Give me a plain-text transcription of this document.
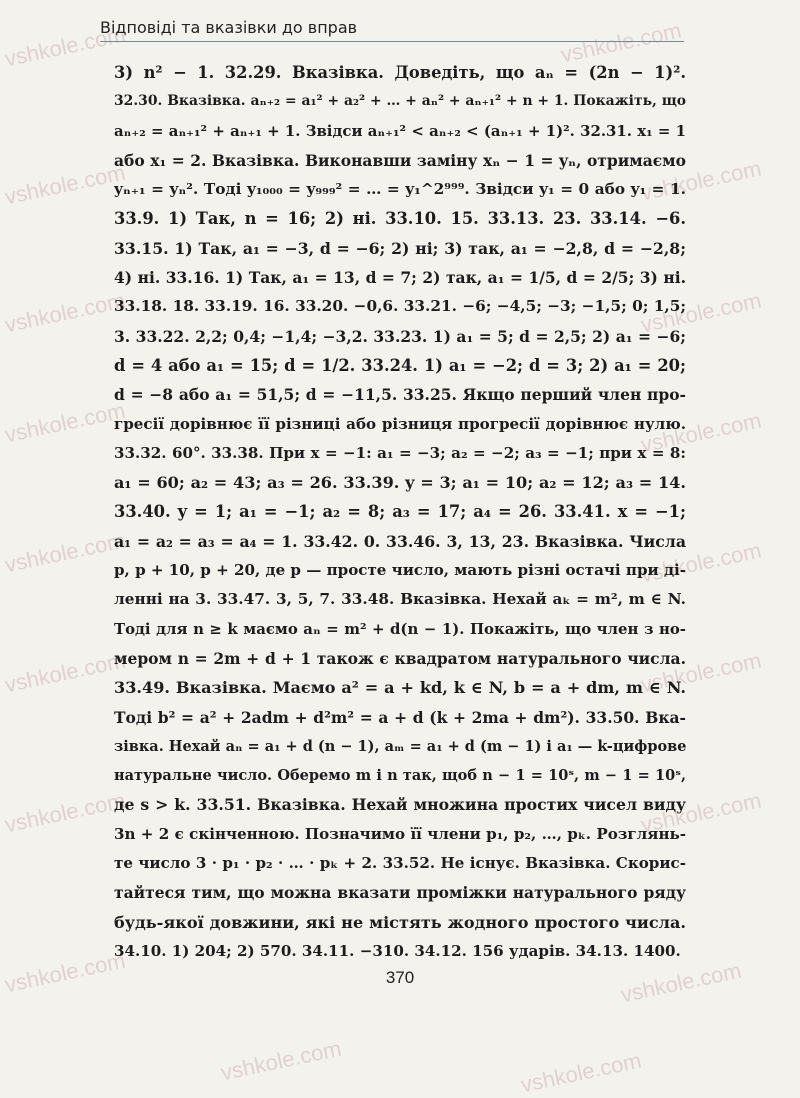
vshkole.com	vshkole.com
vshkole.com	vshkole.com
vshkole.com	vshkole.com
vshkole.com	vshkole.com
vshkole.com	vshkole.com
vshkole.com	vshkole.com
vshkole.com	vshkole.com
vshkole.com	vshkole.com
vshkole.com	vshkole.com
Відповіді та вказівки до вправ
3) n² − 1. 32.29. Вказівка. Доведіть, що aₙ = (2n − 1)².
32.30. Вказівка. aₙ₊₂ = a₁² + a₂² + … + aₙ² + aₙ₊₁² + n + 1. Покажіть, що
aₙ₊₂ = aₙ₊₁² + aₙ₊₁ + 1. Звідси aₙ₊₁² < aₙ₊₂ < (aₙ₊₁ + 1)². 32.31. x₁ = 1
або x₁ = 2. Вказівка. Виконавши заміну xₙ − 1 = yₙ, отримаємо
yₙ₊₁ = yₙ². Тоді y₁₀₀₀ = y₉₉₉² = … = y₁^2⁹⁹⁹. Звідси y₁ = 0 або y₁ = 1.
33.9. 1) Так, n = 16; 2) ні. 33.10. 15. 33.13. 23. 33.14. −6.
33.15. 1) Так, a₁ = −3, d = −6; 2) ні; 3) так, a₁ = −2,8, d = −2,8;
4) ні. 33.16. 1) Так, a₁ = 13, d = 7; 2) так, a₁ = 1/5, d = 2/5; 3) ні.
33.18. 18. 33.19. 16. 33.20. −0,6. 33.21. −6; −4,5; −3; −1,5; 0; 1,5;
3. 33.22. 2,2; 0,4; −1,4; −3,2. 33.23. 1) a₁ = 5; d = 2,5; 2) a₁ = −6;
d = 4 або a₁ = 15; d = 1/2. 33.24. 1) a₁ = −2; d = 3; 2) a₁ = 20;
d = −8 або a₁ = 51,5; d = −11,5. 33.25. Якщо перший член про-
гресії дорівнює її різниці або різниця прогресії дорівнює нулю.
33.32. 60°. 33.38. При x = −1: a₁ = −3; a₂ = −2; a₃ = −1; при x = 8:
a₁ = 60; a₂ = 43; a₃ = 26. 33.39. y = 3; a₁ = 10; a₂ = 12; a₃ = 14.
33.40. y = 1; a₁ = −1; a₂ = 8; a₃ = 17; a₄ = 26. 33.41. x = −1;
a₁ = a₂ = a₃ = a₄ = 1. 33.42. 0. 33.46. 3, 13, 23. Вказівка. Числа
p, p + 10, p + 20, де p — просте число, мають різні остачі при ді-
ленні на 3. 33.47. 3, 5, 7. 33.48. Вказівка. Нехай aₖ = m², m ∈ N.
Тоді для n ≥ k маємо aₙ = m² + d(n − 1). Покажіть, що член з но-
мером n = 2m + d + 1 також є квадратом натурального числа.
33.49. Вказівка. Маємо a² = a + kd, k ∈ N, b = a + dm, m ∈ N.
Тоді b² = a² + 2adm + d²m² = a + d (k + 2ma + dm²). 33.50. Вка-
зівка. Нехай aₙ = a₁ + d (n − 1), aₘ = a₁ + d (m − 1) і a₁ — k-цифрове
натуральне число. Оберемо m і n так, щоб n − 1 = 10ˢ, m − 1 = 10ˢ,
де s > k. 33.51. Вказівка. Нехай множина простих чисел виду
3n + 2 є скінченною. Позначимо її члени p₁, p₂, …, pₖ. Розглянь-
те число 3 · p₁ · p₂ · … · pₖ + 2. 33.52. Не існує. Вказівка. Скорис-
тайтеся тим, що можна вказати проміжки натурального ряду
будь-якої довжини, які не містять жодного простого числа.
34.10. 1) 204; 2) 570. 34.11. −310. 34.12. 156 ударів. 34.13. 1400.
370
